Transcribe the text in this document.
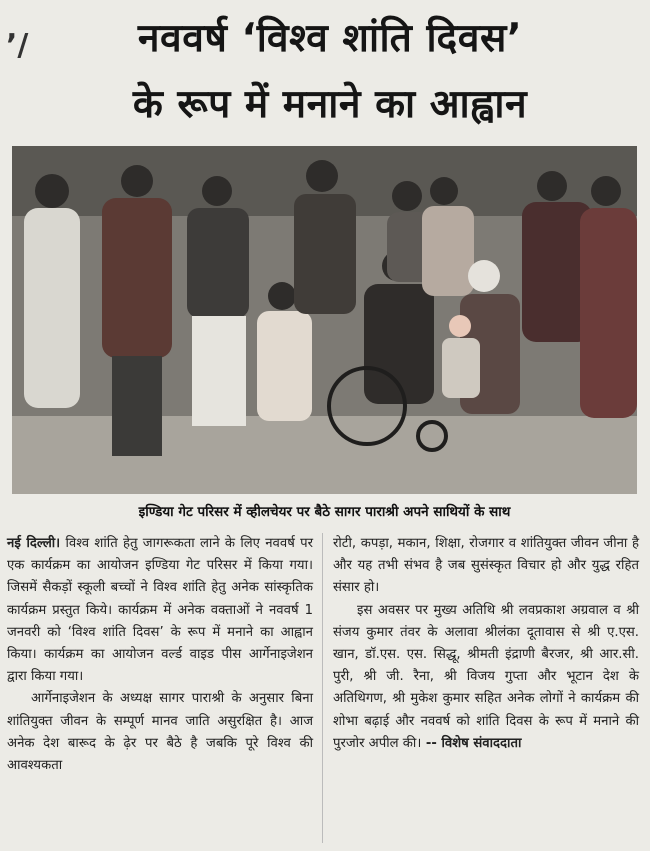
ʼ/	नववर्ष ‘विश्व शांति दिवस’
के रूप में मनाने का आह्वान
इण्डिया गेट परिसर में व्हीलचेयर पर बैठे सागर पाराश्री अपने साथियों के साथ

नई दिल्ली। विश्व शांति हेतु जागरूकता लाने के लिए नववर्ष पर एक कार्यक्रम का आयोजन इण्डिया गेट परिसर में किया गया। जिसमें सैकड़ों स्कूली बच्चों ने विश्व शांति हेतु अनेक सांस्कृतिक कार्यक्रम प्रस्तुत किये। कार्यक्रम में अनेक वक्ताओं ने नववर्ष 1 जनवरी को ‘विश्व शांति दिवस’ के रूप में मनाने का आह्वान किया। कार्यक्रम का आयोजन वर्ल्ड वाइड पीस आर्गेनाइजेशन द्वारा किया गया।

आर्गेनाइजेशन के अध्यक्ष सागर पाराश्री के अनुसार बिना शांतियुक्त जीवन के सम्पूर्ण मानव जाति असुरक्षित है। आज अनेक देश बारूद के ढ़ेर पर बैठे है जबकि पूरे विश्व की आवश्यकता

रोटी, कपड़ा, मकान, शिक्षा, रोजगार व शांतियुक्त जीवन जीना है और यह तभी संभव है जब सुसंस्कृत विचार हो और युद्ध रहित संसार हो।

इस अवसर पर मुख्य अतिथि श्री लवप्रकाश अग्रवाल व श्री संजय कुमार तंवर के अलावा श्रीलंका दूतावास से श्री ए.एस. खान, डॉ.एस. एस. सिद्धू, श्रीमती इंद्राणी बैरजर, श्री आर.सी. पुरी, श्री जी. रैना, श्री विजय गुप्ता और भूटान देश के अतिथिगण, श्री मुकेश कुमार सहित अनेक लोगों ने कार्यक्रम की शोभा बढ़ाई और नववर्ष को शांति दिवस के रूप में मनाने की पुरजोर अपील की। -- विशेष संवाददाता
